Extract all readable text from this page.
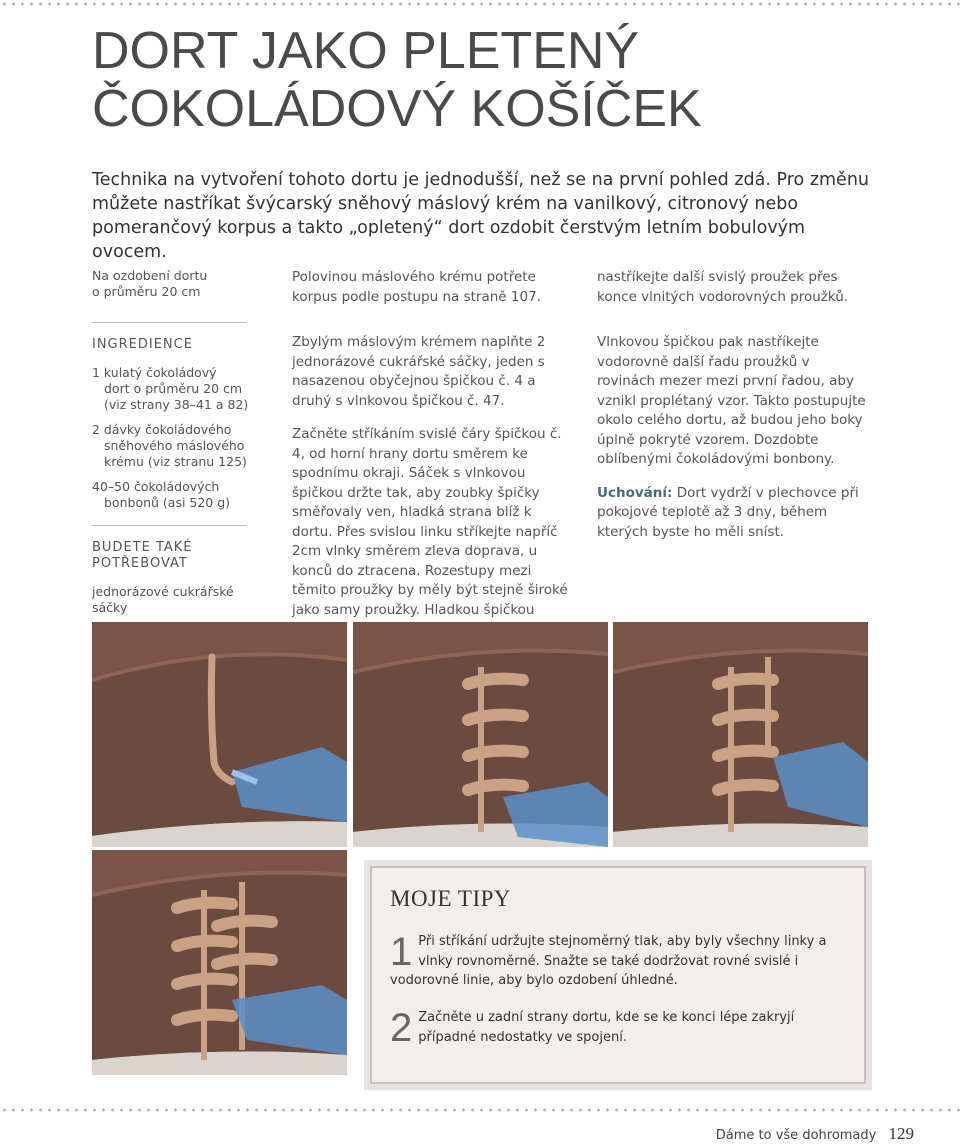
DORT JAKO PLETENÝ
ČOKOLÁDOVÝ KOŠÍČEK

Technika na vytvoření tohoto dortu je jednodušší, než se na první pohled zdá. Pro změnu můžete nastříkat švýcarský sněhový máslový krém na vanilkový, citronový nebo pomerančový korpus a takto „opletený“ dort ozdobit čerstvým letním bobulovým ovocem.

Na ozdobení dortu o průměru 20 cm

INGREDIENCE
1 kulatý čokoládový
dort o průměru 20 cm (viz strany 38–41 a 82)
2 dávky čokoládového
sněhového máslového krému (viz stranu 125)
40–50 čokoládových
bonbonů (asi 520 g)
BUDETE TAKÉ POTŘEBOVAT
jednorázové cukrářské sáčky

Polovinou máslového krému potřete korpus podle postupu na straně 107.

Zbylým máslovým krémem naplňte 2 jednorázové cukrářské sáčky, jeden s nasazenou obyčejnou špičkou č. 4 a druhý s vlnkovou špičkou č. 47.

Začněte stříkáním svislé čáry špičkou č. 4, od horní hrany dortu směrem ke spodnímu okraji. Sáček s vlnkovou špičkou držte tak, aby zoubky špičky směřovaly ven, hladká strana blíž k dortu. Přes svislou linku stříkejte napříč 2cm vlnky směrem zleva doprava, u konců do ztracena. Rozestupy mezi těmito proužky by měly být stejně široké jako samy proužky. Hladkou špičkou

nastříkejte další svislý proužek přes konce vlnitých vodorovných proužků.

Vlnkovou špičkou pak nastříkejte vodorovně další řadu proužků v rovinách mezer mezi první řadou, aby vznikl proplétaný vzor. Takto postupujte okolo celého dortu, až budou jeho boky úplně pokryté vzorem. Dozdobte oblíbenými čokoládovými bonbony.

Uchování: Dort vydrží v plechovce při pokojové teplotě až 3 dny, během kterých byste ho měli sníst.

MOJE TIPY
1 Při stříkání udržujte stejnoměrný tlak, aby byly všechny linky a vlnky rovnoměrné. Snažte se také dodržovat rovné svislé i vodorovné linie, aby bylo ozdobení úhledné.
2 Začněte u zadní strany dortu, kde se ke konci lépe zakryjí případné nedostatky ve spojení.
Dáme to vše dohromady 129
